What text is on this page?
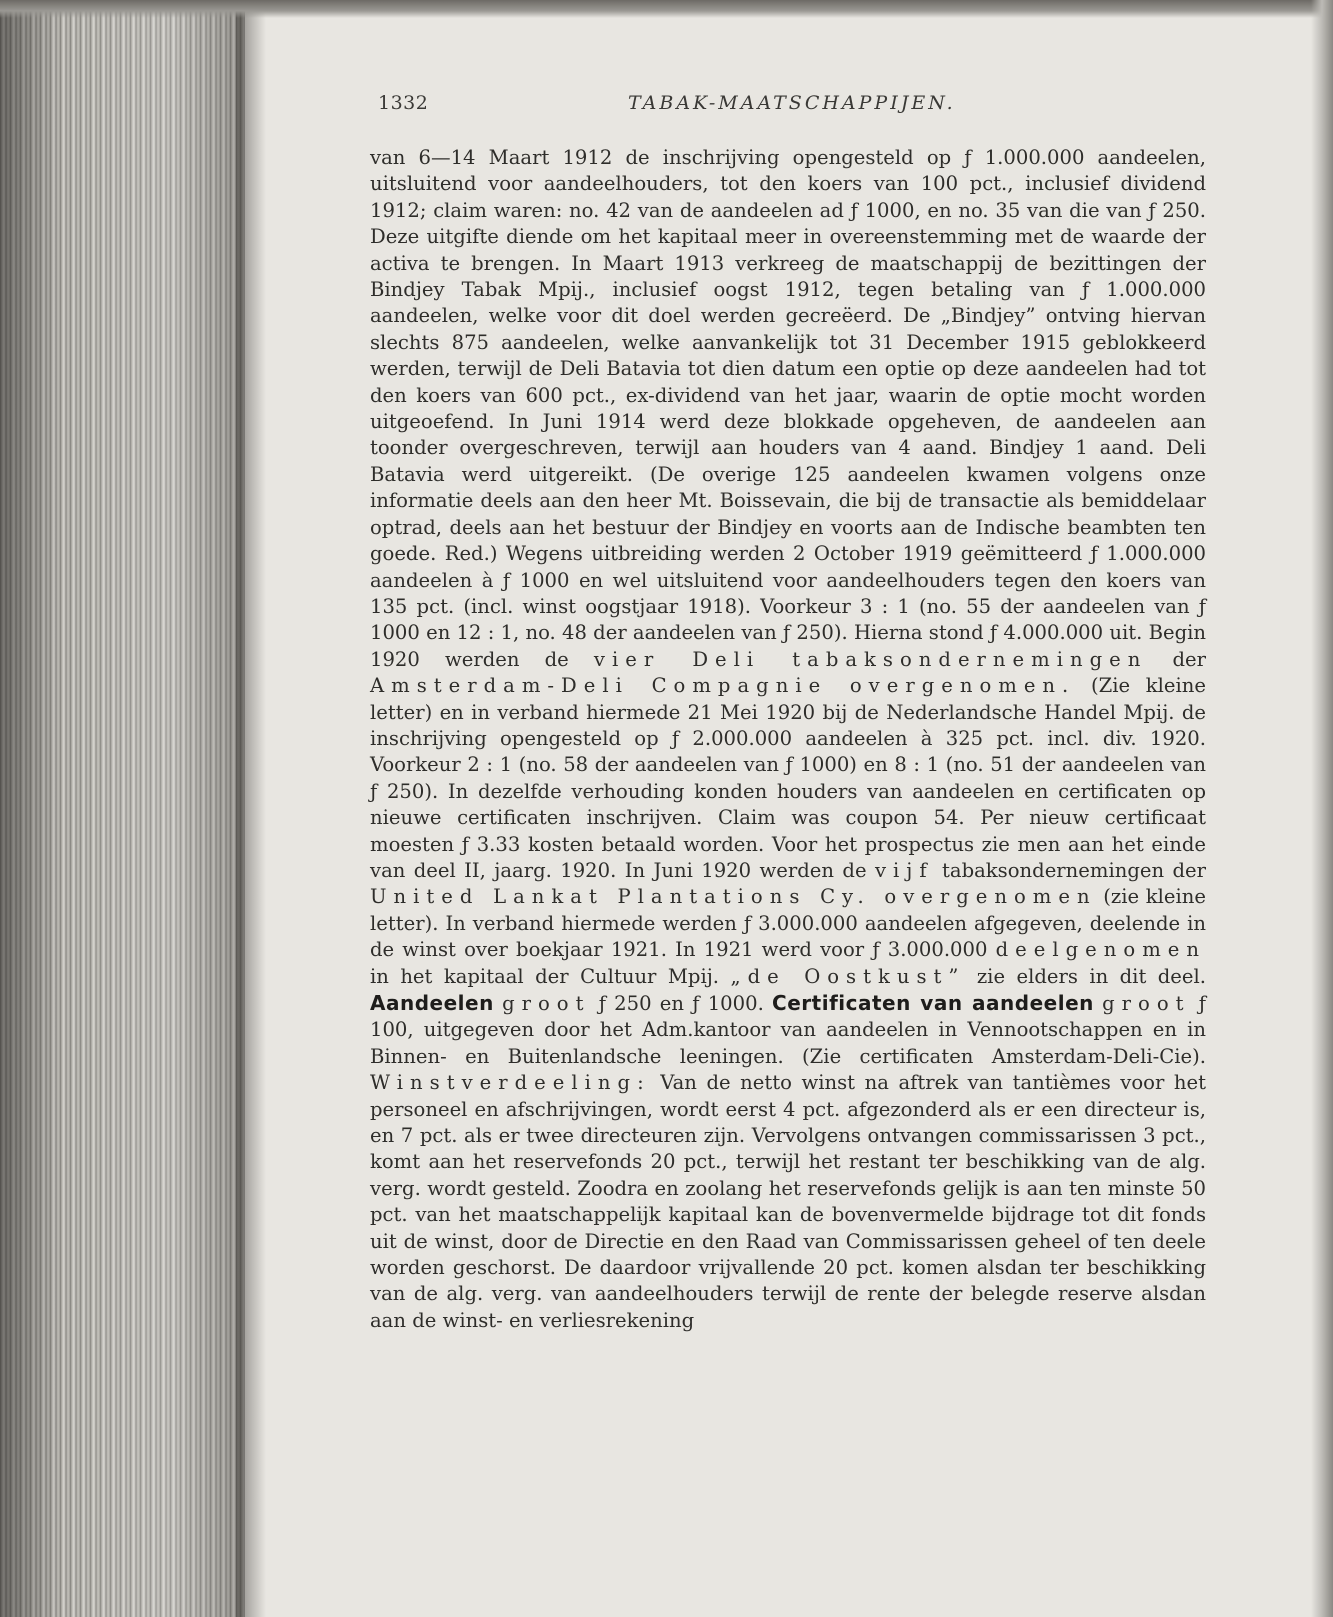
1332	TABAK-MAATSCHAPPIJEN.

van 6—14 Maart 1912 de inschrijving opengesteld op ƒ 1.000.000 aandeelen, uitsluitend voor aandeelhouders, tot den koers van 100 pct., inclusief dividend 1912; claim waren: no. 42 van de aandeelen ad ƒ 1000, en no. 35 van die van ƒ 250. Deze uitgifte diende om het kapitaal meer in overeenstemming met de waarde der activa te brengen. In Maart 1913 verkreeg de maatschappij de bezittingen der Bindjey Tabak Mpij., inclusief oogst 1912, tegen betaling van ƒ 1.000.000 aandeelen, welke voor dit doel werden gecreëerd. De „Bindjey” ontving hiervan slechts 875 aandeelen, welke aanvankelijk tot 31 December 1915 geblokkeerd werden, terwijl de Deli Batavia tot dien datum een optie op deze aandeelen had tot den koers van 600 pct., ex-dividend van het jaar, waarin de optie mocht worden uitgeoefend. In Juni 1914 werd deze blokkade opgeheven, de aandeelen aan toonder overgeschreven, terwijl aan houders van 4 aand. Bindjey 1 aand. Deli Batavia werd uitgereikt. (De overige 125 aandeelen kwamen volgens onze informatie deels aan den heer Mt. Boissevain, die bij de transactie als bemiddelaar optrad, deels aan het bestuur der Bindjey en voorts aan de Indische beambten ten goede. Red.) Wegens uitbreiding werden 2 October 1919 geëmitteerd ƒ 1.000.000 aandeelen à ƒ 1000 en wel uitsluitend voor aandeelhouders tegen den koers van 135 pct. (incl. winst oogstjaar 1918). Voorkeur 3 : 1 (no. 55 der aandeelen van ƒ 1000 en 12 : 1, no. 48 der aandeelen van ƒ 250). Hierna stond ƒ 4.000.000 uit. Begin 1920 werden de vier Deli tabaksondernemingen der Amsterdam-Deli Compagnie overgenomen. (Zie kleine letter) en in verband hiermede 21 Mei 1920 bij de Nederlandsche Handel Mpij. de inschrijving opengesteld op ƒ 2.000.000 aandeelen à 325 pct. incl. div. 1920. Voorkeur 2 : 1 (no. 58 der aandeelen van ƒ 1000) en 8 : 1 (no. 51 der aandeelen van ƒ 250). In dezelfde verhouding konden houders van aandeelen en certificaten op nieuwe certificaten inschrijven. Claim was coupon 54. Per nieuw certificaat moesten ƒ 3.33 kosten betaald worden. Voor het prospectus zie men aan het einde van deel II, jaarg. 1920. In Juni 1920 werden de vijf tabaksondernemingen der United Lankat Plantations Cy. overgenomen (zie kleine letter). In verband hiermede werden ƒ 3.000.000 aandeelen afgegeven, deelende in de winst over boekjaar 1921. In 1921 werd voor ƒ 3.000.000 deelgenomen in het kapitaal der Cultuur Mpij. „de Oostkust” zie elders in dit deel. Aandeelen groot ƒ 250 en ƒ 1000. Certificaten van aandeelen groot ƒ 100, uitgegeven door het Adm.kantoor van aandeelen in Vennootschappen en in Binnen- en Buitenlandsche leeningen. (Zie certificaten Amsterdam-Deli-Cie). Winstverdeeling: Van de netto winst na aftrek van tantièmes voor het personeel en afschrijvingen, wordt eerst 4 pct. afgezonderd als er een directeur is, en 7 pct. als er twee directeuren zijn. Vervolgens ontvangen commissarissen 3 pct., komt aan het reservefonds 20 pct., terwijl het restant ter beschikking van de alg. verg. wordt gesteld. Zoodra en zoolang het reservefonds gelijk is aan ten minste 50 pct. van het maatschappelijk kapitaal kan de bovenvermelde bijdrage tot dit fonds uit de winst, door de Directie en den Raad van Commissarissen geheel of ten deele worden geschorst. De daardoor vrijvallende 20 pct. komen alsdan ter beschikking van de alg. verg. van aandeelhouders terwijl de rente der belegde reserve alsdan aan de winst- en verliesrekening
